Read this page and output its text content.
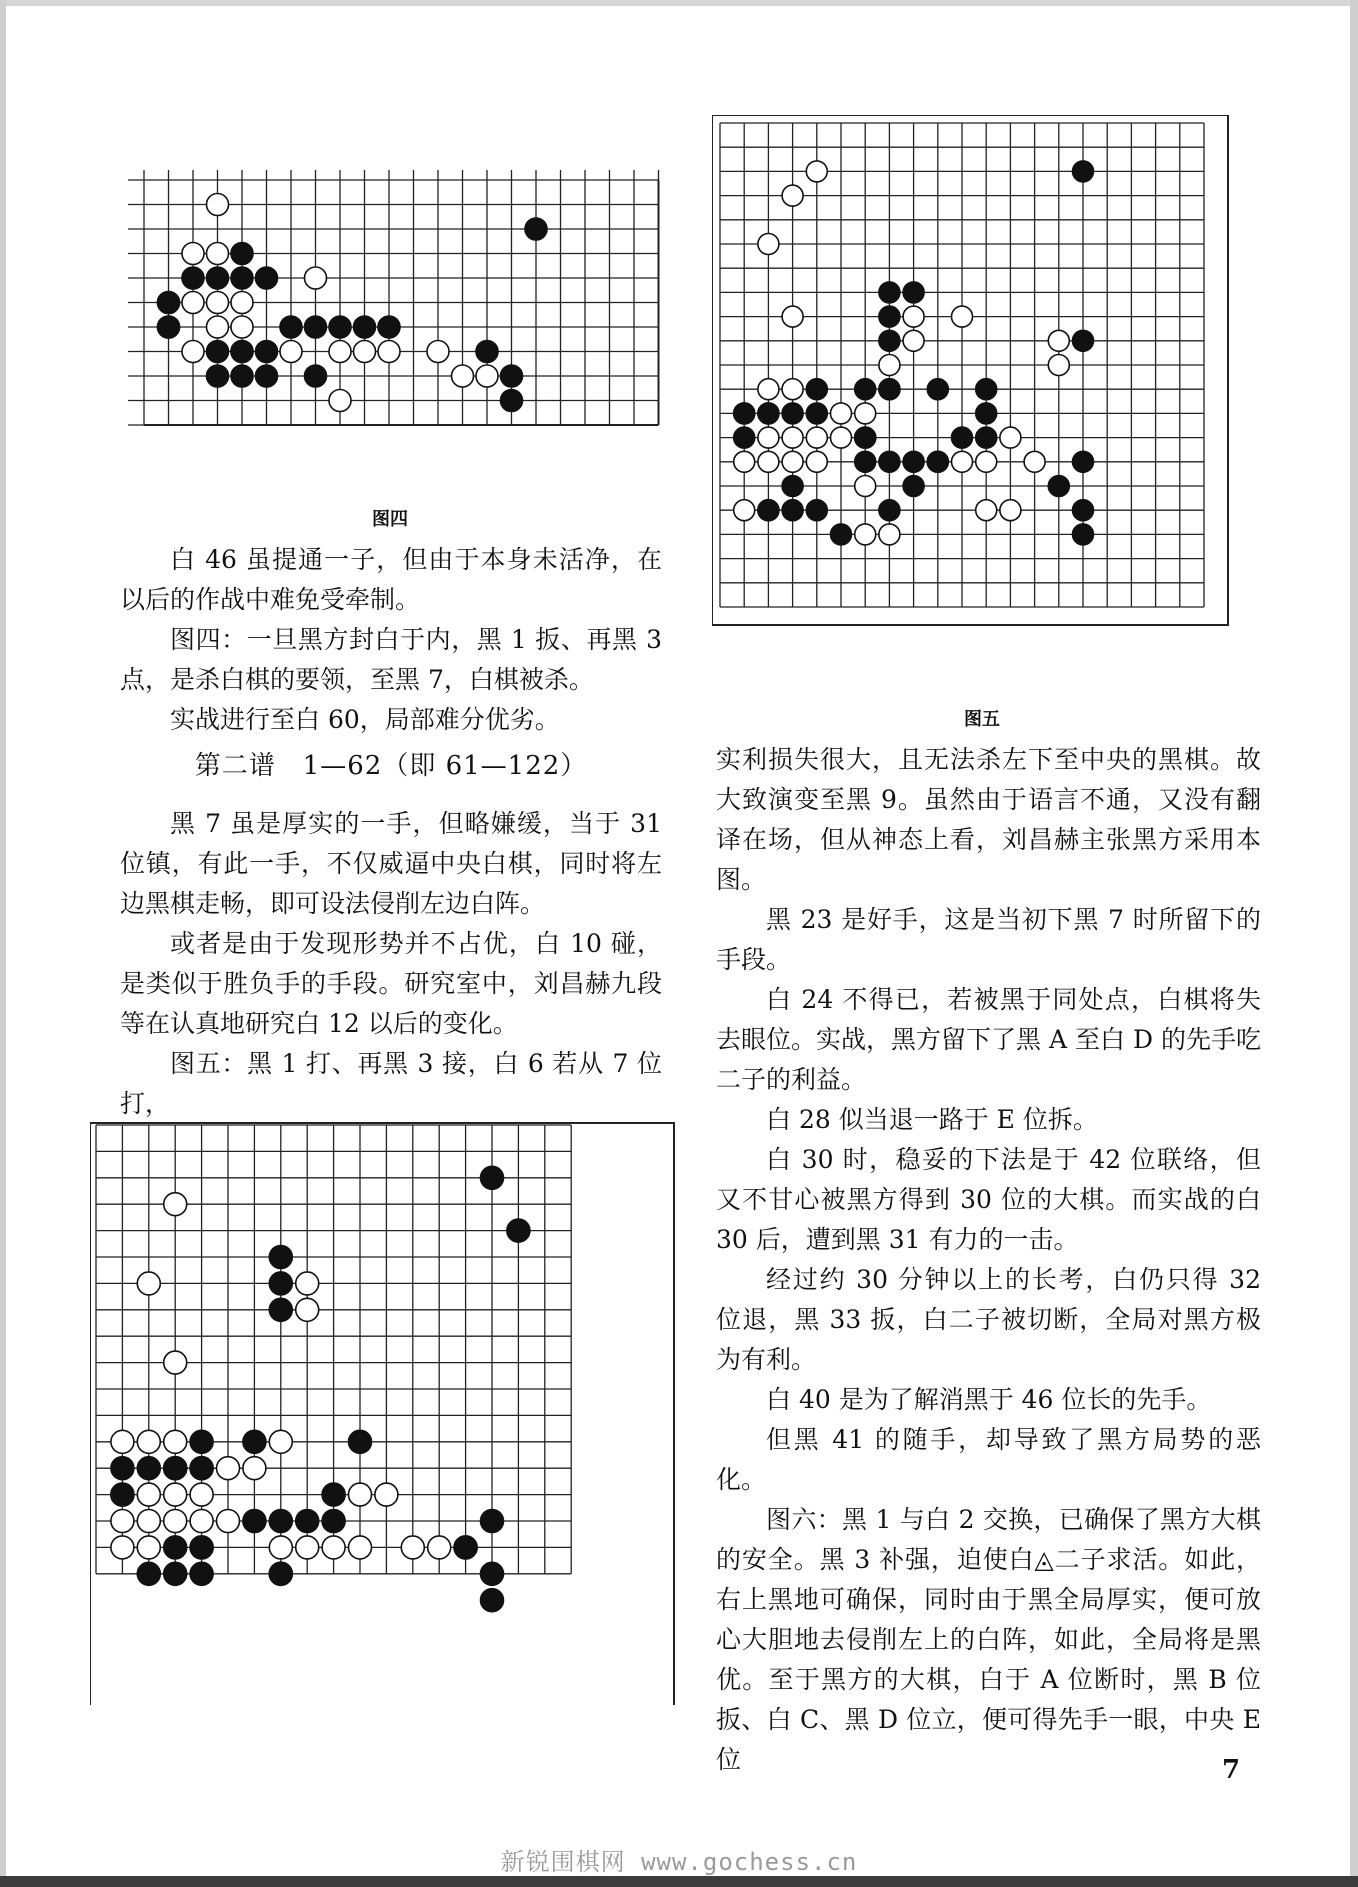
图四
图五

白 46 虽提通一子，但由于本身未活净，在以后的作战中难免受牵制。

图四：一旦黑方封白于内，黑 1 扳、再黑 3 点，是杀白棋的要领，至黑 7，白棋被杀。

实战进行至白 60，局部难分优劣。

第二谱　1—62（即 61—122）

黑 7 虽是厚实的一手，但略嫌缓，当于 31 位镇，有此一手，不仅威逼中央白棋，同时将左边黑棋走畅，即可设法侵削左边白阵。

或者是由于发现形势并不占优，白 10 碰，是类似于胜负手的手段。研究室中，刘昌赫九段等在认真地研究白 12 以后的变化。

图五：黑 1 打、再黑 3 接，白 6 若从 7 位打，

实利损失很大，且无法杀左下至中央的黑棋。故大致演变至黑 9。虽然由于语言不通，又没有翻译在场，但从神态上看，刘昌赫主张黑方采用本图。

黑 23 是好手，这是当初下黑 7 时所留下的手段。

白 24 不得已，若被黑于同处点，白棋将失去眼位。实战，黑方留下了黑 A 至白 D 的先手吃二子的利益。

白 28 似当退一路于 E 位拆。

白 30 时，稳妥的下法是于 42 位联络，但又不甘心被黑方得到 30 位的大棋。而实战的白 30 后，遭到黑 31 有力的一击。

经过约 30 分钟以上的长考，白仍只得 32 位退，黑 33 扳，白二子被切断，全局对黑方极为有利。

白 40 是为了解消黑于 46 位长的先手。

但黑 41 的随手，却导致了黑方局势的恶化。

图六：黑 1 与白 2 交换，已确保了黑方大棋的安全。黑 3 补强，迫使白◬二子求活。如此，右上黑地可确保，同时由于黑全局厚实，便可放心大胆地去侵削左上的白阵，如此，全局将是黑优。至于黑方的大棋，白于 A 位断时，黑 B 位扳、白 C、黑 D 位立，便可得先手一眼，中央 E 位	7
新锐围棋网 www.gochess.cn
